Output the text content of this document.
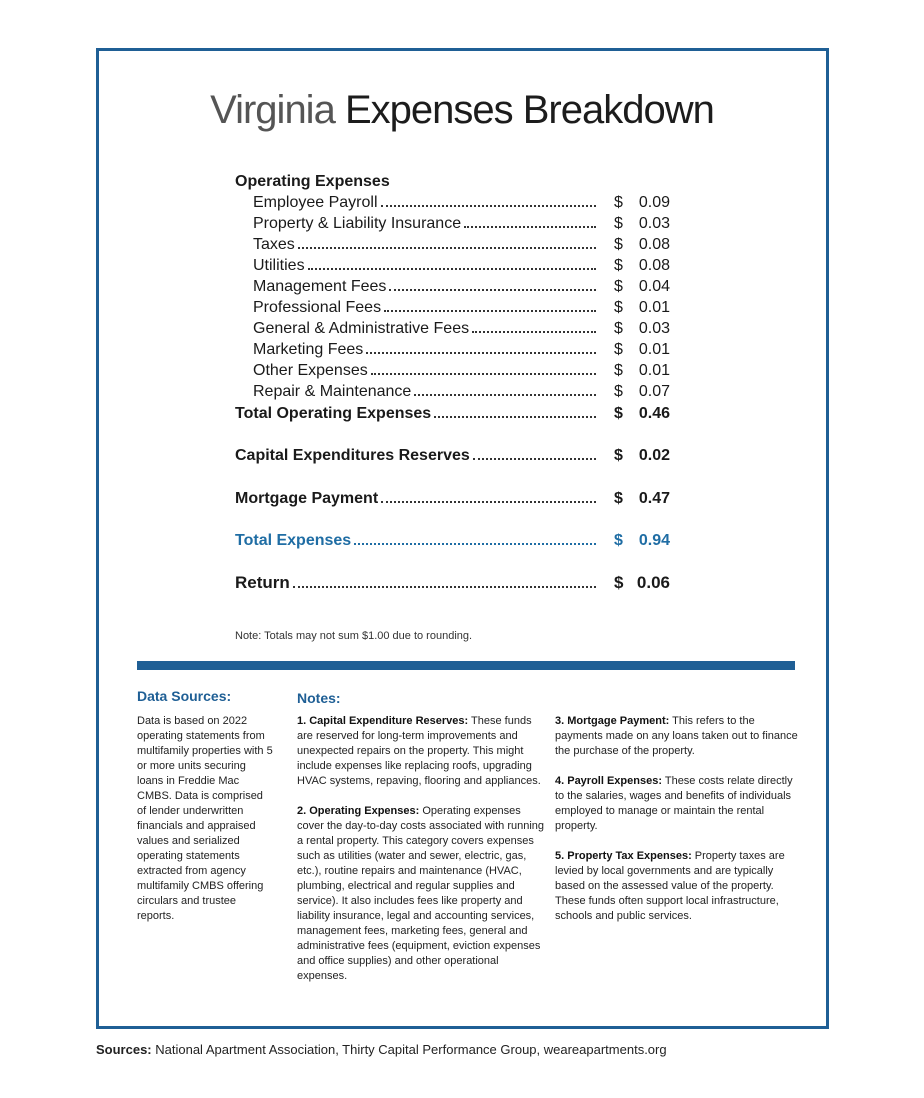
Virginia Expenses Breakdown
Operating Expenses
Employee Payroll	$ 0.09
Property & Liability Insurance	$ 0.03
Taxes	$ 0.08
Utilities	$ 0.08
Management Fees	$ 0.04
Professional Fees	$ 0.01
General & Administrative Fees	$ 0.03
Marketing Fees	$ 0.01
Other Expenses	$ 0.01
Repair & Maintenance	$ 0.07
Total Operating Expenses	$ 0.46
Capital Expenditures Reserves	$ 0.02
Mortgage Payment	$ 0.47
Total Expenses	$ 0.94
Return	$ 0.06
Note: Totals may not sum $1.00 due to rounding.
Data Sources:
Data is based on 2022 operating statements from multifamily properties with 5 or more units securing loans in Freddie Mac CMBS. Data is comprised of lender underwritten financials and appraised values and serialized operating statements extracted from agency multifamily CMBS offering circulars and trustee reports.
Notes:

1. Capital Expenditure Reserves: These funds are reserved for long-term improvements and unexpected repairs on the property. This might include expenses like replacing roofs, upgrading HVAC systems, repaving, flooring and appliances.

2. Operating Expenses: Operating expenses cover the day-to-day costs associated with running a rental property. This category covers expenses such as utilities (water and sewer, electric, gas, etc.), routine repairs and maintenance (HVAC, plumbing, electrical and regular supplies and service). It also includes fees like property and liability insurance, legal and accounting services, management fees, marketing fees, general and administrative fees (equipment, eviction expenses and office supplies) and other operational expenses.

3. Mortgage Payment: This refers to the payments made on any loans taken out to finance the purchase of the property.

4. Payroll Expenses: These costs relate directly to the salaries, wages and benefits of individuals employed to manage or maintain the rental property.

5. Property Tax Expenses: Property taxes are levied by local governments and are typically based on the assessed value of the property. These funds often support local infrastructure, schools and public services.

Sources: National Apartment Association, Thirty Capital Performance Group, weareapartments.org
